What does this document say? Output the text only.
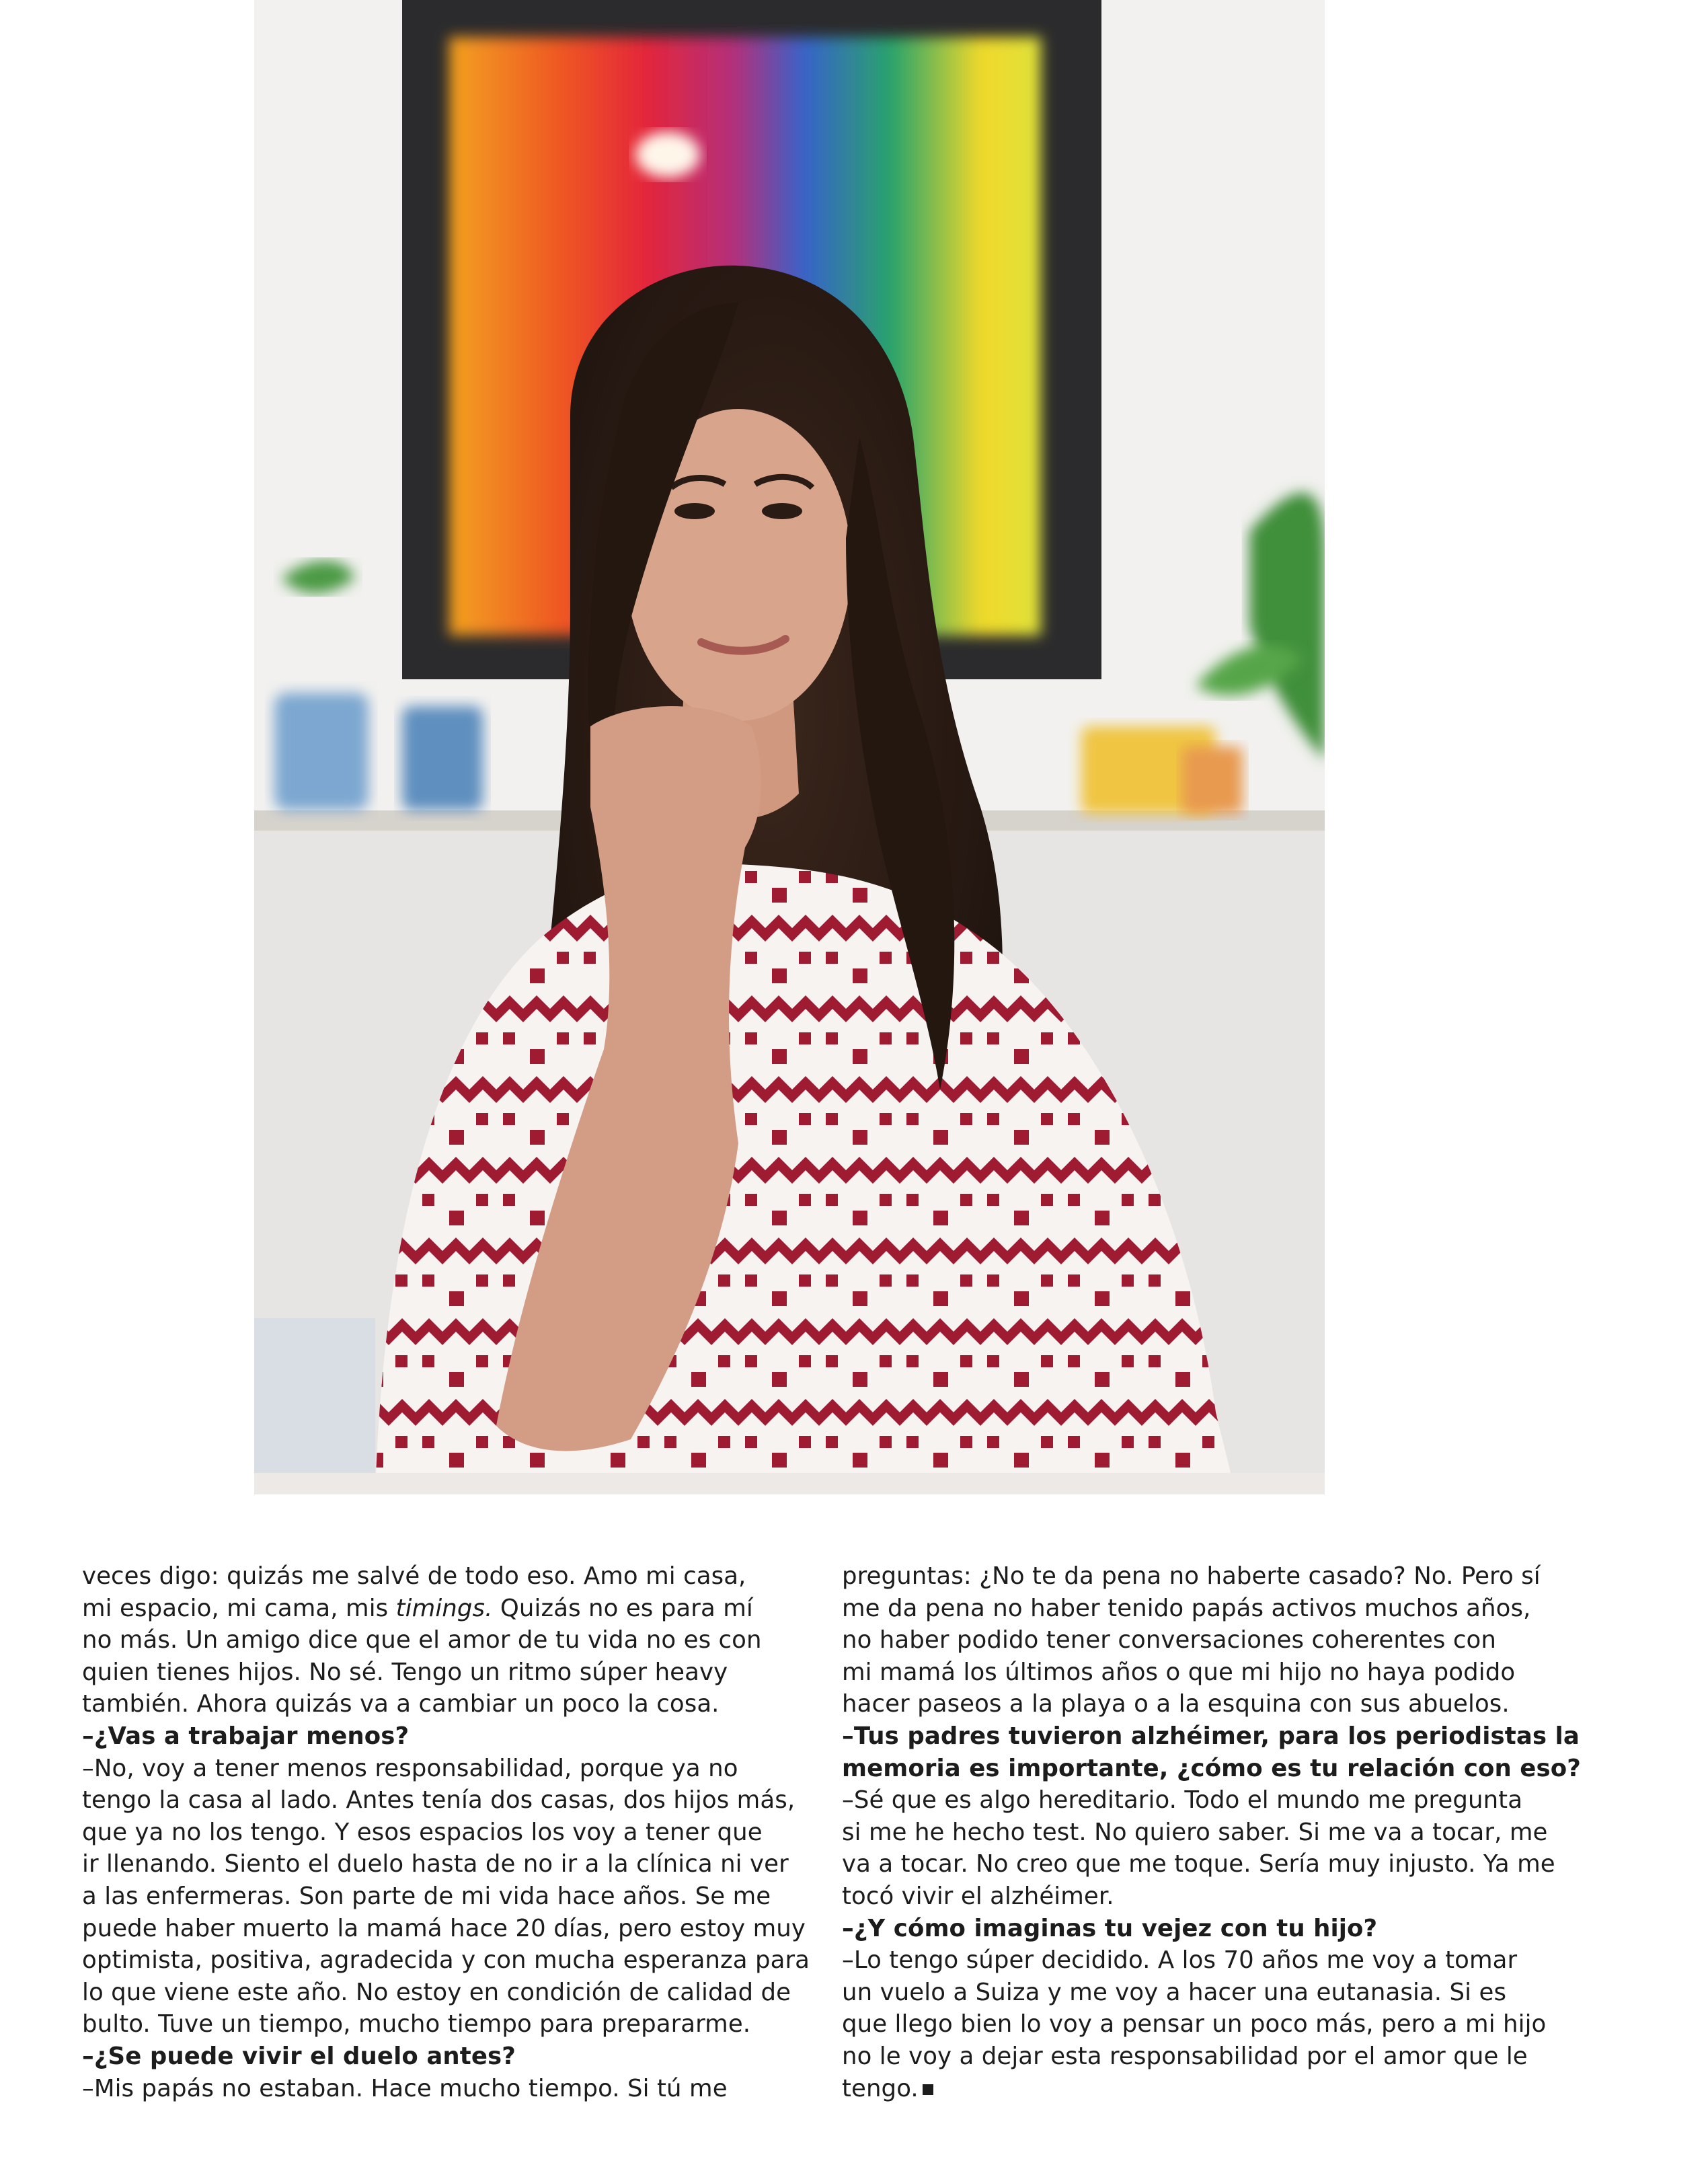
veces digo: quizás me salvé de todo eso. Amo mi casa,
mi espacio, mi cama, mis timings. Quizás no es para mí
no más. Un amigo dice que el amor de tu vida no es con
quien tienes hijos. No sé. Tengo un ritmo súper heavy
también. Ahora quizás va a cambiar un poco la cosa.
–¿Vas a trabajar menos?
–No, voy a tener menos responsabilidad, porque ya no
tengo la casa al lado. Antes tenía dos casas, dos hijos más,
que ya no los tengo. Y esos espacios los voy a tener que
ir llenando. Siento el duelo hasta de no ir a la clínica ni ver
a las enfermeras. Son parte de mi vida hace años. Se me
puede haber muerto la mamá hace 20 días, pero estoy muy
optimista, positiva, agradecida y con mucha esperanza para
lo que viene este año. No estoy en condición de calidad de
bulto. Tuve un tiempo, mucho tiempo para prepararme.
–¿Se puede vivir el duelo antes?
–Mis papás no estaban. Hace mucho tiempo. Si tú me
preguntas: ¿No te da pena no haberte casado? No. Pero sí
me da pena no haber tenido papás activos muchos años,
no haber podido tener conversaciones coherentes con
mi mamá los últimos años o que mi hijo no haya podido
hacer paseos a la playa o a la esquina con sus abuelos.
–Tus padres tuvieron alzhéimer, para los periodistas la
memoria es importante, ¿cómo es tu relación con eso?
–Sé que es algo hereditario. Todo el mundo me pregunta
si me he hecho test. No quiero saber. Si me va a tocar, me
va a tocar. No creo que me toque. Sería muy injusto. Ya me
tocó vivir el alzhéimer.
–¿Y cómo imaginas tu vejez con tu hijo?
–Lo tengo súper decidido. A los 70 años me voy a tomar
un vuelo a Suiza y me voy a hacer una eutanasia. Si es
que llego bien lo voy a pensar un poco más, pero a mi hijo
no le voy a dejar esta responsabilidad por el amor que le
tengo.
